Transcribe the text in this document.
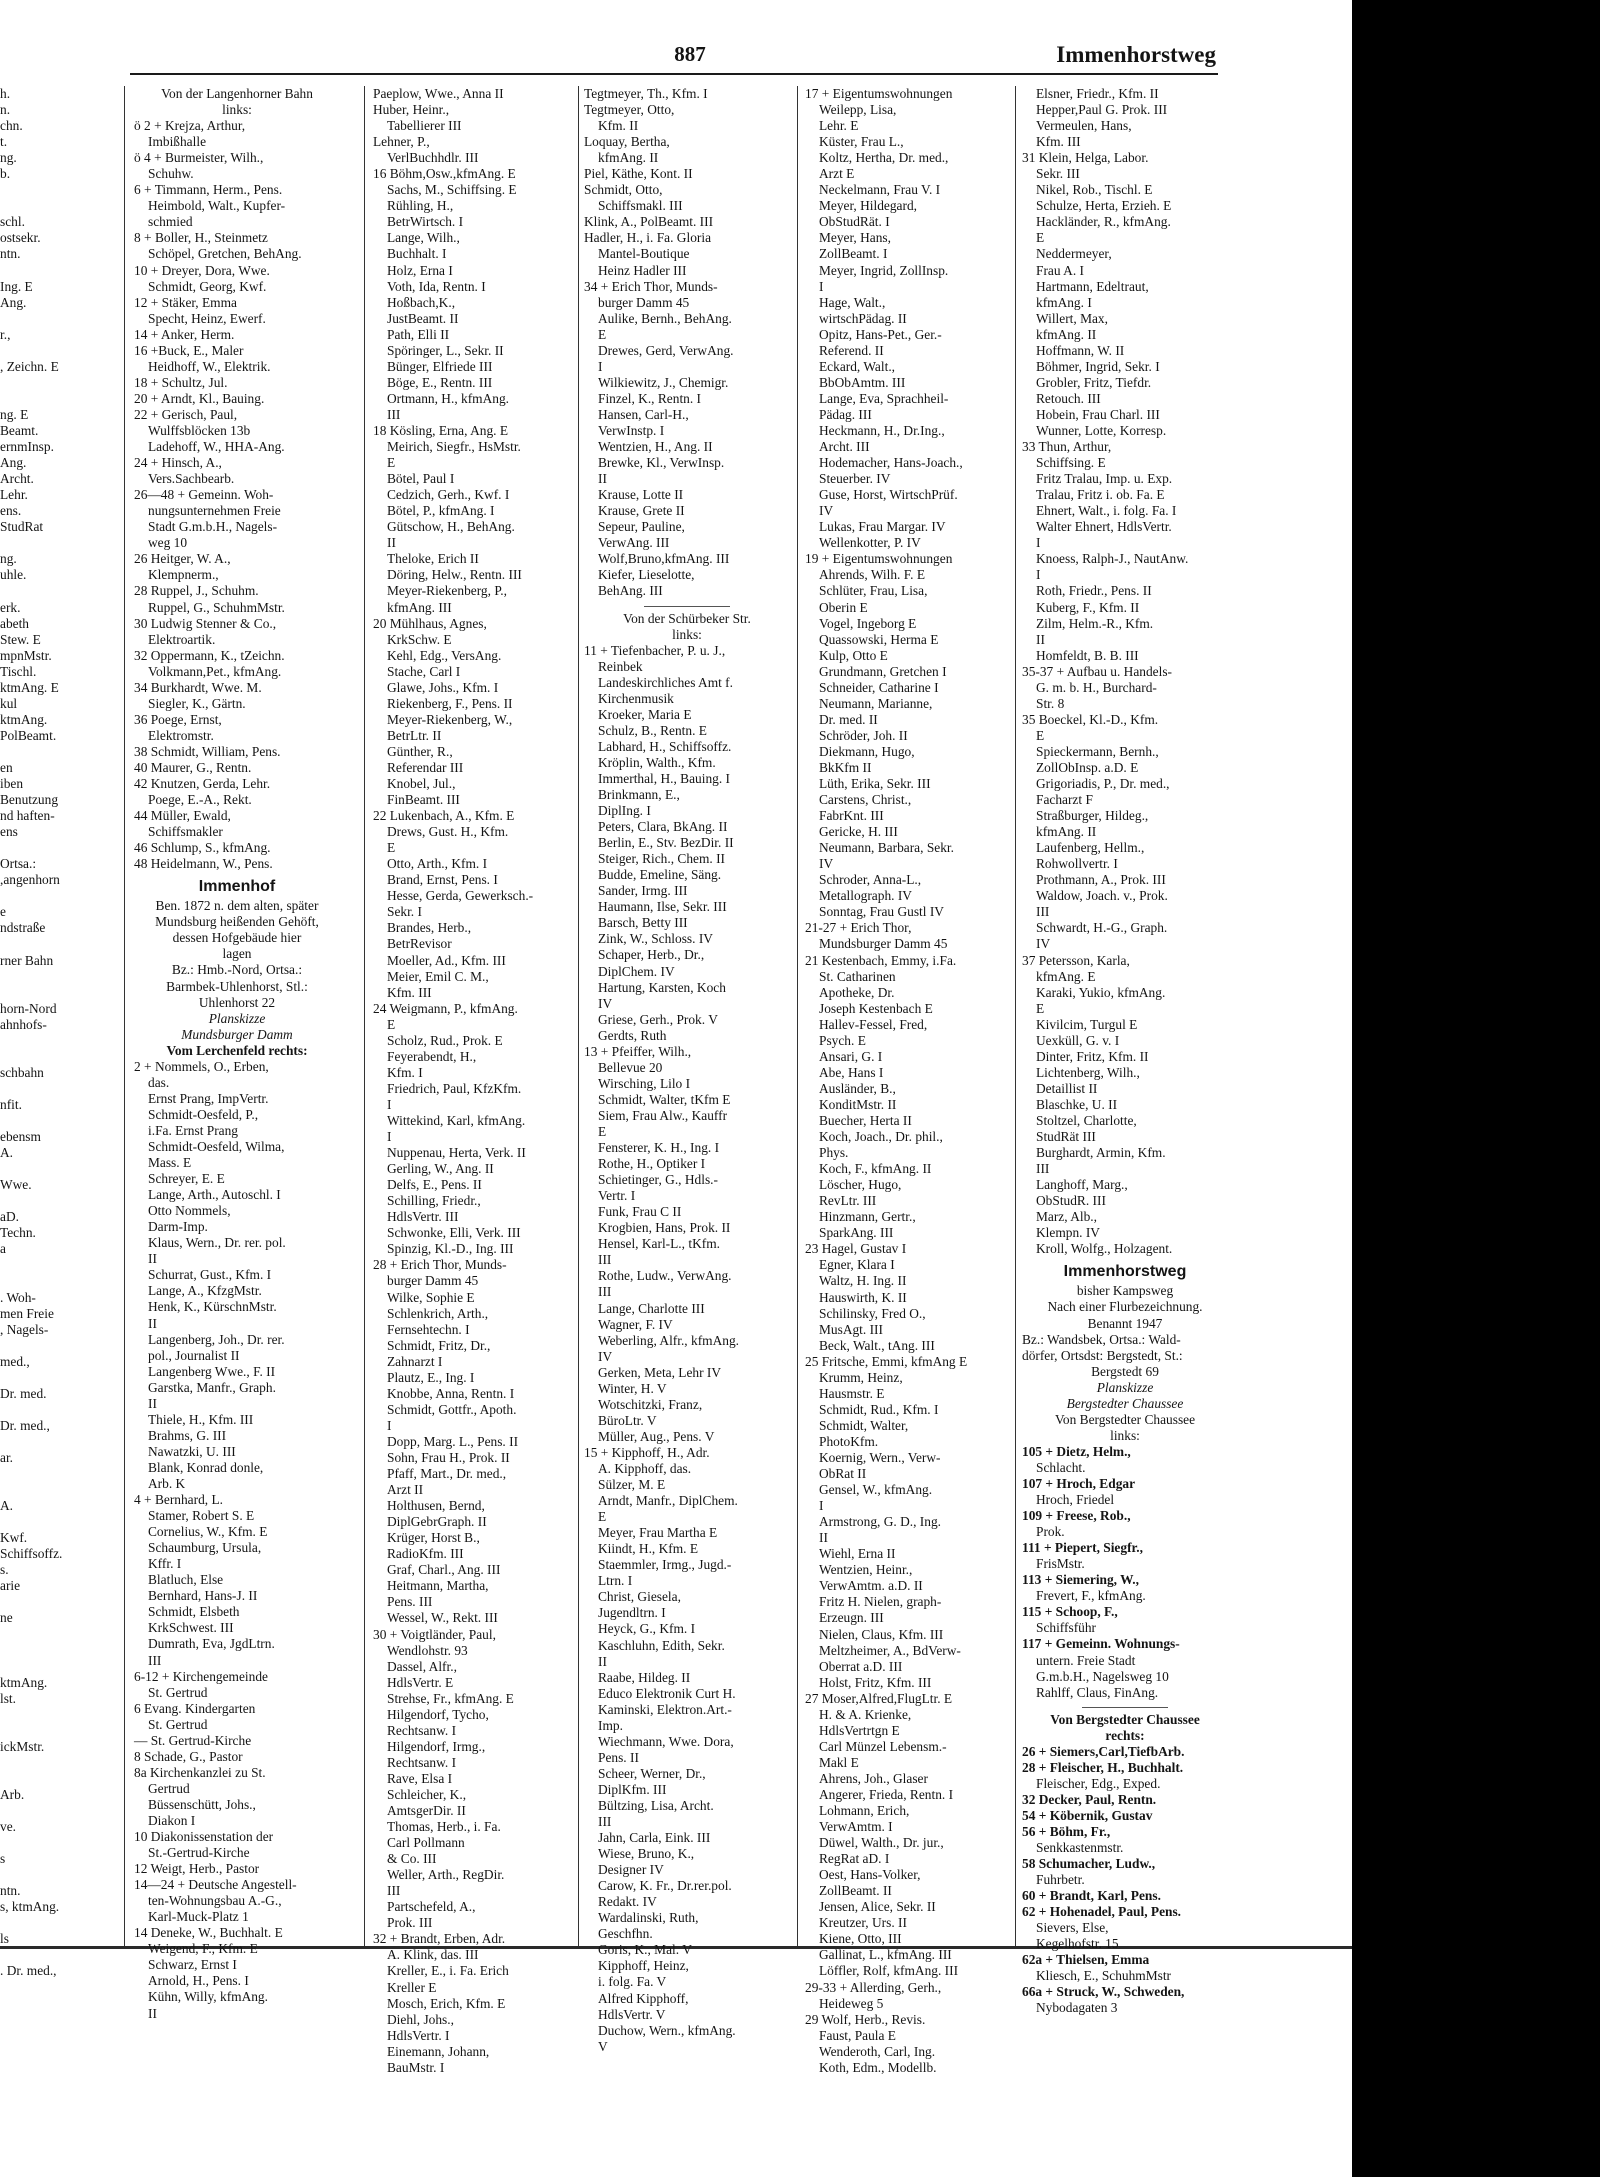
887	Immenhorstweg
h.
n.
chn.
t.
ng.
b.

schl.
ostsekr.
ntn.

Ing. E
Ang.

r.,

, Zeichn. E

ng. E
Beamt.
ernmInsp.
Ang.
Archt.
Lehr.
ens.
StudRat

ng.
uhle.

erk.
abeth
Stew. E
mpnMstr.
Tischl.
ktmAng. E
kul
ktmAng.
PolBeamt.

en
iben
Benutzung
nd haften-
ens

Ortsa.:
,angenhorn

e
ndstraße

rner Bahn

horn-Nord
ahnhofs-

schbahn

nfit.

ebensm
A.

Wwe.

aD.
Techn.
a

. Woh-
men Freie
, Nagels-

med.,

Dr. med.

Dr. med.,

ar.

A.

Kwf.
Schiffsoffz.
s.
arie

ne

ktmAng.
lst.

ickMstr.

Arb.

ve.

s

ntn.
s, ktmAng.

ls

. Dr. med.,
Von der Langenhorner Bahn
links:
ö 2 + Krejza, Arthur,
Imbißhalle
ö 4 + Burmeister, Wilh.,
Schuhw.
6 + Timmann, Herm., Pens.
Heimbold, Walt., Kupfer-
schmied
8 + Boller, H., Steinmetz
Schöpel, Gretchen, BehAng.
10 + Dreyer, Dora, Wwe.
Schmidt, Georg, Kwf.
12 + Stäker, Emma
Specht, Heinz, Ewerf.
14 + Anker, Herm.
16 +Buck, E., Maler
Heidhoff, W., Elektrik.
18 + Schultz, Jul.
20 + Arndt, Kl., Bauing.
22 + Gerisch, Paul,
Wulffsblöcken 13b
Ladehoff, W., HHA-Ang.
24 + Hinsch, A.,
Vers.Sachbearb.
26—48 + Gemeinn. Woh-
nungsunternehmen Freie
Stadt G.m.b.H., Nagels-
weg 10
26 Heitger, W. A.,
Klempnerm.,
28 Ruppel, J., Schuhm.
Ruppel, G., SchuhmMstr.
30 Ludwig Stenner & Co.,
Elektroartik.
32 Oppermann, K., tZeichn.
Volkmann,Pet., kfmAng.
34 Burkhardt, Wwe. M.
Siegler, K., Gärtn.
36 Poege, Ernst,
Elektromstr.
38 Schmidt, William, Pens.
40 Maurer, G., Rentn.
42 Knutzen, Gerda, Lehr.
Poege, E.-A., Rekt.
44 Müller, Ewald,
Schiffsmakler
46 Schlump, S., kfmAng.
48 Heidelmann, W., Pens.
Immenhof
Ben. 1872 n. dem alten, später
Mundsburg heißenden Gehöft,
dessen Hofgebäude hier
lagen
Bz.: Hmb.-Nord, Ortsa.:
Barmbek-Uhlenhorst, Stl.:
Uhlenhorst 22
Planskizze
Mundsburger Damm
Vom Lerchenfeld rechts:
2 + Nommels, O., Erben,
das.
Ernst Prang, ImpVertr.
Schmidt-Oesfeld, P.,
i.Fa. Ernst Prang
Schmidt-Oesfeld, Wilma,
Mass. E
Schreyer, E. E
Lange, Arth., Autoschl. I
Otto Nommels,
Darm-Imp.
Klaus, Wern., Dr. rer. pol.
II
Schurrat, Gust., Kfm. I
Lange, A., KfzgMstr.
Henk, K., KürschnMstr.
II
Langenberg, Joh., Dr. rer.
pol., Journalist II
Langenberg Wwe., F. II
Garstka, Manfr., Graph.
II
Thiele, H., Kfm. III
Brahms, G. III
Nawatzki, U. III
Blank, Konrad donle,
Arb. K
4 + Bernhard, L.
Stamer, Robert S. E
Cornelius, W., Kfm. E
Schaumburg, Ursula,
Kffr. I
Blatluch, Else
Bernhard, Hans-J. II
Schmidt, Elsbeth
KrkSchwest. III
Dumrath, Eva, JgdLtrn.
III
6-12 + Kirchengemeinde
St. Gertrud
6 Evang. Kindergarten
St. Gertrud
— St. Gertrud-Kirche
8 Schade, G., Pastor
8a Kirchenkanzlei zu St.
Gertrud
Büssenschütt, Johs.,
Diakon I
10 Diakonissenstation der
St.-Gertrud-Kirche
12 Weigt, Herb., Pastor
14—24 + Deutsche Angestell-
ten-Wohnungsbau A.-G.,
Karl-Muck-Platz 1
14 Deneke, W., Buchhalt. E
Weigend, F., Kfm. E
Schwarz, Ernst I
Arnold, H., Pens. I
Kühn, Willy, kfmAng.
II
Paeplow, Wwe., Anna II
Huber, Heinr.,
Tabellierer III
Lehner, P.,
VerlBuchhdlr. III
16 Böhm,Osw.,kfmAng. E
Sachs, M., Schiffsing. E
Rühling, H.,
BetrWirtsch. I
Lange, Wilh.,
Buchhalt. I
Holz, Erna I
Voth, Ida, Rentn. I
Hoßbach,K.,
JustBeamt. II
Path, Elli II
Spöringer, L., Sekr. II
Bünger, Elfriede III
Böge, E., Rentn. III
Ortmann, H., kfmAng.
III
18 Kösling, Erna, Ang. E
Meirich, Siegfr., HsMstr.
E
Bötel, Paul I
Cedzich, Gerh., Kwf. I
Bötel, P., kfmAng. I
Gütschow, H., BehAng.
II
Theloke, Erich II
Döring, Helw., Rentn. III
Meyer-Riekenberg, P.,
kfmAng. III
20 Mühlhaus, Agnes,
KrkSchw. E
Kehl, Edg., VersAng.
Stache, Carl I
Glawe, Johs., Kfm. I
Riekenberg, F., Pens. II
Meyer-Riekenberg, W.,
BetrLtr. II
Günther, R.,
Referendar III
Knobel, Jul.,
FinBeamt. III
22 Lukenbach, A., Kfm. E
Drews, Gust. H., Kfm.
E
Otto, Arth., Kfm. I
Brand, Ernst, Pens. I
Hesse, Gerda, Gewerksch.-
Sekr. I
Brandes, Herb.,
BetrRevisor
Moeller, Ad., Kfm. III
Meier, Emil C. M.,
Kfm. III
24 Weigmann, P., kfmAng.
E
Scholz, Rud., Prok. E
Feyerabendt, H.,
Kfm. I
Friedrich, Paul, KfzKfm.
I
Wittekind, Karl, kfmAng.
I
Nuppenau, Herta, Verk. II
Gerling, W., Ang. II
Delfs, E., Pens. II
Schilling, Friedr.,
HdlsVertr. III
Schwonke, Elli, Verk. III
Spinzig, Kl.-D., Ing. III
28 + Erich Thor, Munds-
burger Damm 45
Wilke, Sophie E
Schlenkrich, Arth.,
Fernsehtechn. I
Schmidt, Fritz, Dr.,
Zahnarzt I
Plautz, E., Ing. I
Knobbe, Anna, Rentn. I
Schmidt, Gottfr., Apoth.
I
Dopp, Marg. L., Pens. II
Sohn, Frau H., Prok. II
Pfaff, Mart., Dr. med.,
Arzt II
Holthusen, Bernd,
DiplGebrGraph. II
Krüger, Horst B.,
RadioKfm. III
Graf, Charl., Ang. III
Heitmann, Martha,
Pens. III
Wessel, W., Rekt. III
30 + Voigtländer, Paul,
Wendlohstr. 93
Dassel, Alfr.,
HdlsVertr. E
Strehse, Fr., kfmAng. E
Hilgendorf, Tycho,
Rechtsanw. I
Hilgendorf, Irmg.,
Rechtsanw. I
Rave, Elsa I
Schleicher, K.,
AmtsgerDir. II
Thomas, Herb., i. Fa.
Carl Pollmann
& Co. III
Weller, Arth., RegDir.
III
Partschefeld, A.,
Prok. III
32 + Brandt, Erben, Adr.
A. Klink, das. III
Kreller, E., i. Fa. Erich
Kreller E
Mosch, Erich, Kfm. E
Diehl, Johs.,
HdlsVertr. I
Einemann, Johann,
BauMstr. I
Tegtmeyer, Th., Kfm. I
Tegtmeyer, Otto,
Kfm. II
Loquay, Bertha,
kfmAng. II
Piel, Käthe, Kont. II
Schmidt, Otto,
Schiffsmakl. III
Klink, A., PolBeamt. III
Hadler, H., i. Fa. Gloria
Mantel-Boutique
Heinz Hadler III
34 + Erich Thor, Munds-
burger Damm 45
Aulike, Bernh., BehAng.
E
Drewes, Gerd, VerwAng.
I
Wilkiewitz, J., Chemigr.
Finzel, K., Rentn. I
Hansen, Carl-H.,
VerwInstp. I
Wentzien, H., Ang. II
Brewke, Kl., VerwInsp.
II
Krause, Lotte II
Krause, Grete II
Sepeur, Pauline,
VerwAng. III
Wolf,Bruno,kfmAng. III
Kiefer, Lieselotte,
BehAng. III
Von der Schürbeker Str.
links:
11 + Tiefenbacher, P. u. J.,
Reinbek
Landeskirchliches Amt f.
Kirchenmusik
Kroeker, Maria E
Schulz, B., Rentn. E
Labhard, H., Schiffsoffz.
Kröplin, Walth., Kfm.
Immerthal, H., Bauing. I
Brinkmann, E.,
DiplIng. I
Peters, Clara, BkAng. II
Berlin, E., Stv. BezDir. II
Steiger, Rich., Chem. II
Budde, Emeline, Säng.
Sander, Irmg. III
Haumann, Ilse, Sekr. III
Barsch, Betty III
Zink, W., Schloss. IV
Schaper, Herb., Dr.,
DiplChem. IV
Hartung, Karsten, Koch
IV
Griese, Gerh., Prok. V
Gerdts, Ruth
13 + Pfeiffer, Wilh.,
Bellevue 20
Wirsching, Lilo I
Schmidt, Walter, tKfm E
Siem, Frau Alw., Kauffr
E
Fensterer, K. H., Ing. I
Rothe, H., Optiker I
Schietinger, G., Hdls.-
Vertr. I
Funk, Frau C II
Krogbien, Hans, Prok. II
Hensel, Karl-L., tKfm.
III
Rothe, Ludw., VerwAng.
III
Lange, Charlotte III
Wagner, F. IV
Weberling, Alfr., kfmAng.
IV
Gerken, Meta, Lehr IV
Winter, H. V
Wotschitzki, Franz,
BüroLtr. V
Müller, Aug., Pens. V
15 + Kipphoff, H., Adr.
A. Kipphoff, das.
Sülzer, M. E
Arndt, Manfr., DiplChem.
E
Meyer, Frau Martha E
Kiindt, H., Kfm. E
Staemmler, Irmg., Jugd.-
Ltrn. I
Christ, Giesela,
Jugendltrn. I
Heyck, G., Kfm. I
Kaschluhn, Edith, Sekr.
II
Raabe, Hildeg. II
Educo Elektronik Curt H.
Kaminski, Elektron.Art.-
Imp.
Wiechmann, Wwe. Dora,
Pens. II
Scheer, Werner, Dr.,
DiplKfm. III
Bültzing, Lisa, Archt.
III
Jahn, Carla, Eink. III
Wiese, Bruno, K.,
Designer IV
Carow, K. Fr., Dr.rer.pol.
Redakt. IV
Wardalinski, Ruth,
Geschfhn.
Goris, K., Mal. V
Kipphoff, Heinz,
i. folg. Fa. V
Alfred Kipphoff,
HdlsVertr. V
Duchow, Wern., kfmAng.
V
17 + Eigentumswohnungen
Weilepp, Lisa,
Lehr. E
Küster, Frau L.,
Koltz, Hertha, Dr. med.,
Arzt E
Neckelmann, Frau V. I
Meyer, Hildegard,
ObStudRät. I
Meyer, Hans,
ZollBeamt. I
Meyer, Ingrid, ZollInsp.
I
Hage, Walt.,
wirtschPädag. II
Opitz, Hans-Pet., Ger.-
Referend. II
Eckard, Walt.,
BbObAmtm. III
Lange, Eva, Sprachheil-
Pädag. III
Heckmann, H., Dr.Ing.,
Archt. III
Hodemacher, Hans-Joach.,
Steuerber. IV
Guse, Horst, WirtschPrüf.
IV
Lukas, Frau Margar. IV
Wellenkotter, P. IV
19 + Eigentumswohnungen
Ahrends, Wilh. F. E
Schlüter, Frau, Lisa,
Oberin E
Vogel, Ingeborg E
Quassowski, Herma E
Kulp, Otto E
Grundmann, Gretchen I
Schneider, Catharine I
Neumann, Marianne,
Dr. med. II
Schröder, Joh. II
Diekmann, Hugo,
BkKfm II
Lüth, Erika, Sekr. III
Carstens, Christ.,
FabrKnt. III
Gericke, H. III
Neumann, Barbara, Sekr.
IV
Schroder, Anna-L.,
Metallograph. IV
Sonntag, Frau Gustl IV
21-27 + Erich Thor,
Mundsburger Damm 45
21 Kestenbach, Emmy, i.Fa.
St. Catharinen
Apotheke, Dr.
Joseph Kestenbach E
Hallev-Fessel, Fred,
Psych. E
Ansari, G. I
Abe, Hans I
Ausländer, B.,
KonditMstr. II
Buecher, Herta II
Koch, Joach., Dr. phil.,
Phys.
Koch, F., kfmAng. II
Löscher, Hugo,
RevLtr. III
Hinzmann, Gertr.,
SparkAng. III
23 Hagel, Gustav I
Egner, Klara I
Waltz, H. Ing. II
Hauswirth, K. II
Schilinsky, Fred O.,
MusAgt. III
Beck, Walt., tAng. III
25 Fritsche, Emmi, kfmAng E
Krumm, Heinz,
Hausmstr. E
Schmidt, Rud., Kfm. I
Schmidt, Walter,
PhotoKfm.
Koernig, Wern., Verw-
ObRat II
Gensel, W., kfmAng.
I
Armstrong, G. D., Ing.
II
Wiehl, Erna II
Wentzien, Heinr.,
VerwAmtm. a.D. II
Fritz H. Nielen, graph-
Erzeugn. III
Nielen, Claus, Kfm. III
Meltzheimer, A., BdVerw-
Oberrat a.D. III
Holst, Fritz, Kfm. III
27 Moser,Alfred,FlugLtr. E
H. & A. Krienke,
HdlsVertrtgn E
Carl Münzel Lebensm.-
Makl E
Ahrens, Joh., Glaser
Angerer, Frieda, Rentn. I
Lohmann, Erich,
VerwAmtm. I
Düwel, Walth., Dr. jur.,
RegRat aD. I
Oest, Hans-Volker,
ZollBeamt. II
Jensen, Alice, Sekr. II
Kreutzer, Urs. II
Kiene, Otto, III
Gallinat, L., kfmAng. III
Löffler, Rolf, kfmAng. III
29-33 + Allerding, Gerh.,
Heideweg 5
29 Wolf, Herb., Revis.
Faust, Paula E
Wenderoth, Carl, Ing.
Koth, Edm., Modellb.
Elsner, Friedr., Kfm. II
Hepper,Paul G. Prok. III
Vermeulen, Hans,
Kfm. III
31 Klein, Helga, Labor.
Sekr. III
Nikel, Rob., Tischl. E
Schulze, Herta, Erzieh. E
Hackländer, R., kfmAng.
E
Neddermeyer,
Frau A. I
Hartmann, Edeltraut,
kfmAng. I
Willert, Max,
kfmAng. II
Hoffmann, W. II
Böhmer, Ingrid, Sekr. I
Grobler, Fritz, Tiefdr.
Retouch. III
Hobein, Frau Charl. III
Wunner, Lotte, Korresp.
33 Thun, Arthur,
Schiffsing. E
Fritz Tralau, Imp. u. Exp.
Tralau, Fritz i. ob. Fa. E
Ehnert, Walt., i. folg. Fa. I
Walter Ehnert, HdlsVertr.
I
Knoess, Ralph-J., NautAnw.
I
Roth, Friedr., Pens. II
Kuberg, F., Kfm. II
Zilm, Helm.-R., Kfm.
II
Homfeldt, B. B. III
35-37 + Aufbau u. Handels-
G. m. b. H., Burchard-
Str. 8
35 Boeckel, Kl.-D., Kfm.
E
Spieckermann, Bernh.,
ZollObInsp. a.D. E
Grigoriadis, P., Dr. med.,
Facharzt F
Straßburger, Hildeg.,
kfmAng. II
Laufenberg, Hellm.,
Rohwollvertr. I
Prothmann, A., Prok. III
Waldow, Joach. v., Prok.
III
Schwardt, H.-G., Graph.
IV
37 Petersson, Karla,
kfmAng. E
Karaki, Yukio, kfmAng.
E
Kivilcim, Turgul E
Uexküll, G. v. I
Dinter, Fritz, Kfm. II
Lichtenberg, Wilh.,
Detaillist II
Blaschke, U. II
Stoltzel, Charlotte,
StudRät III
Burghardt, Armin, Kfm.
III
Langhoff, Marg.,
ObStudR. III
Marz, Alb.,
Klempn. IV
Kroll, Wolfg., Holzagent.
Immenhorstweg
bisher Kampsweg
Nach einer Flurbezeichnung.
Benannt 1947
Bz.: Wandsbek, Ortsa.: Wald-
dörfer, Ortsdst: Bergstedt, St.:
Bergstedt 69
Planskizze
Bergstedter Chaussee
Von Bergstedter Chaussee
links:
105 + Dietz, Helm.,
Schlacht.
107 + Hroch, Edgar
Hroch, Friedel
109 + Freese, Rob.,
Prok.
111 + Piepert, Siegfr.,
FrisMstr.
113 + Siemering, W.,
Frevert, F., kfmAng.
115 + Schoop, F.,
Schiffsführ
117 + Gemeinn. Wohnungs-
untern. Freie Stadt
G.m.b.H., Nagelsweg 10
Rahlff, Claus, FinAng.
Von Bergstedter Chaussee
rechts:
26 + Siemers,Carl,TiefbArb.
28 + Fleischer, H., Buchhalt.
Fleischer, Edg., Exped.
32 Decker, Paul, Rentn.
54 + Köbernik, Gustav
56 + Böhm, Fr.,
Senkkastenmstr.
58 Schumacher, Ludw.,
Fuhrbetr.
60 + Brandt, Karl, Pens.
62 + Hohenadel, Paul, Pens.
Sievers, Else,
Kegelhofstr. 15
62a + Thielsen, Emma
Kliesch, E., SchuhmMstr
66a + Struck, W., Schweden,
Nybodagaten 3
